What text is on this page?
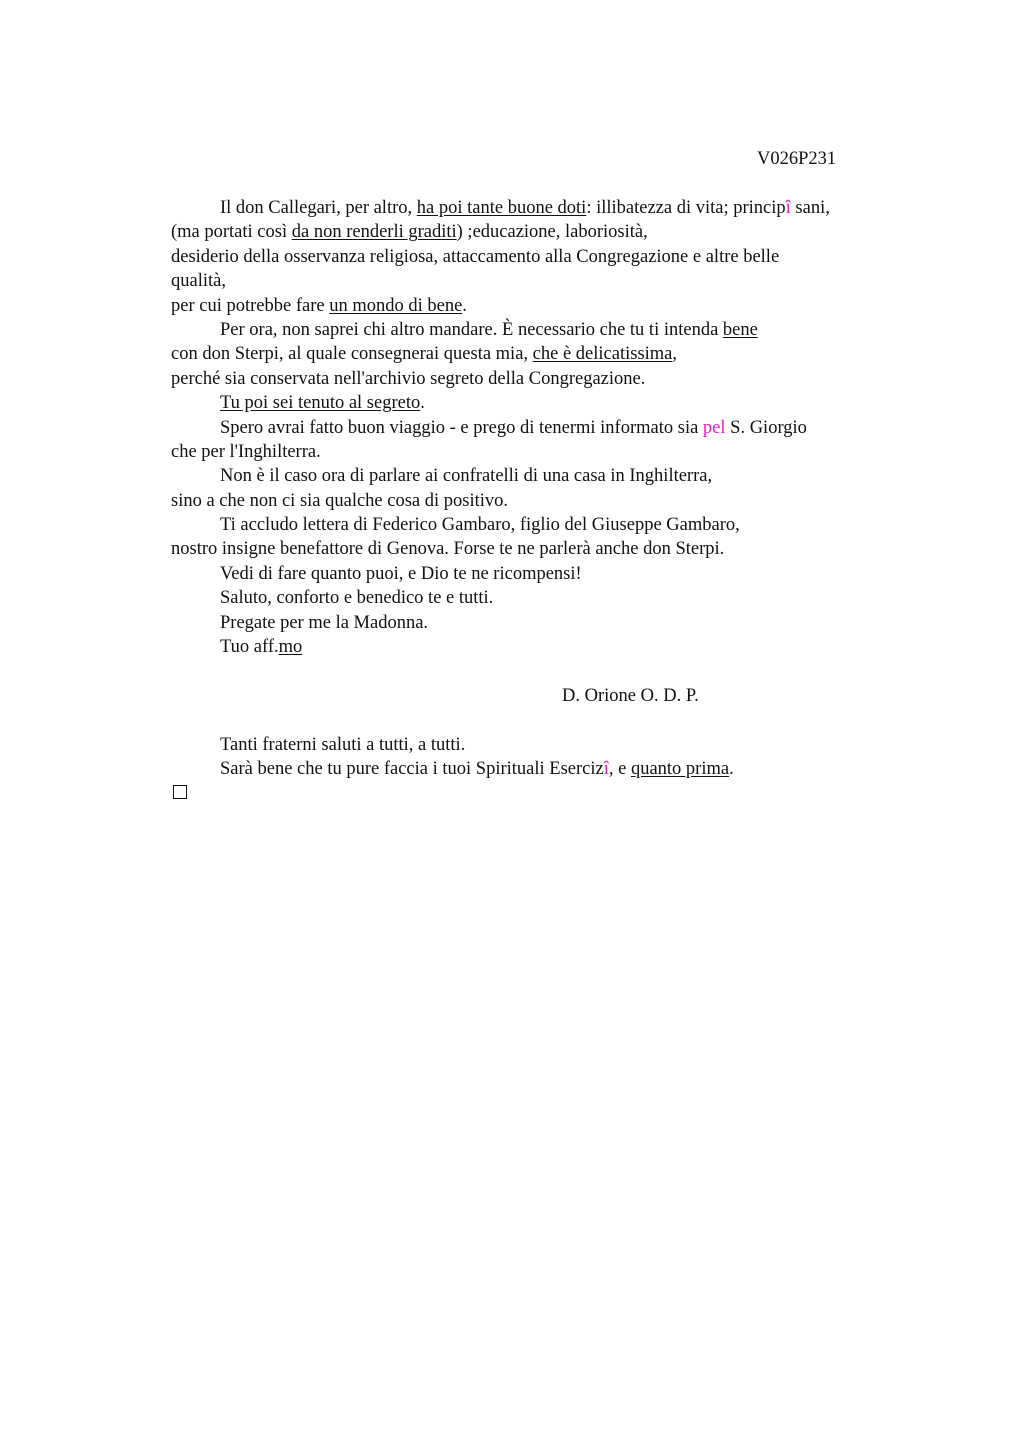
V026P231
Il don Callegari, per altro, ha poi tante buone doti: illibatezza di vita; principî sani,
(ma portati così da non renderli graditi) ;educazione, laboriosità,
desiderio della osservanza religiosa, attaccamento alla Congregazione e altre belle
qualità,
per cui potrebbe fare un mondo di bene.
Per ora, non saprei chi altro mandare. È necessario che tu ti intenda bene
con don Sterpi, al quale consegnerai questa mia, che è delicatissima,
perché sia conservata nell'archivio segreto della Congregazione.
Tu poi sei tenuto al segreto.
Spero avrai fatto buon viaggio - e prego di tenermi informato sia pel S. Giorgio
che per l'Inghilterra.
Non è il caso ora di parlare ai confratelli di una casa in Inghilterra,
sino a che non ci sia qualche cosa di positivo.
Ti accludo lettera di Federico Gambaro, figlio del Giuseppe Gambaro,
nostro insigne benefattore di Genova. Forse te ne parlerà anche don Sterpi.
Vedi di fare quanto puoi, e Dio te ne ricompensi!
Saluto, conforto e benedico te e tutti.
Pregate per me la Madonna.
Tuo aff.mo
D. Orione O. D. P.
Tanti fraterni saluti a tutti, a tutti.
Sarà bene che tu pure faccia i tuoi Spirituali Esercizî, e quanto prima.
